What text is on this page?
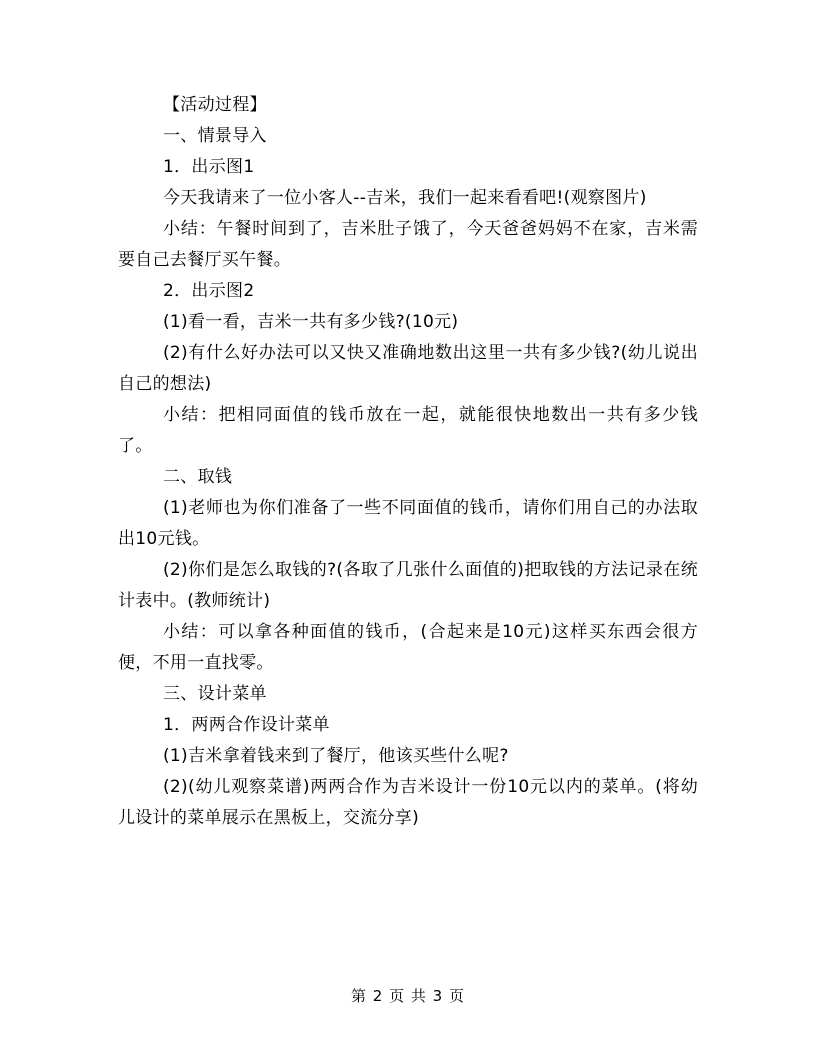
【活动过程】

一、情景导入

1．出示图1

今天我请来了一位小客人--吉米，我们一起来看看吧!(观察图片)

小结：午餐时间到了，吉米肚子饿了，今天爸爸妈妈不在家，吉米需要自己去餐厅买午餐。

2．出示图2

(1)看一看，吉米一共有多少钱?(10元)

(2)有什么好办法可以又快又准确地数出这里一共有多少钱?(幼儿说出自己的想法)

小结：把相同面值的钱币放在一起，就能很快地数出一共有多少钱了。

二、取钱

(1)老师也为你们准备了一些不同面值的钱币，请你们用自己的办法取出10元钱。

(2)你们是怎么取钱的?(各取了几张什么面值的)把取钱的方法记录在统计表中。(教师统计)

小结：可以拿各种面值的钱币，(合起来是10元)这样买东西会很方便，不用一直找零。

三、设计菜单

1．两两合作设计菜单

(1)吉米拿着钱来到了餐厅，他该买些什么呢?

(2)(幼儿观察菜谱)两两合作为吉米设计一份10元以内的菜单。(将幼儿设计的菜单展示在黑板上，交流分享)

第 2 页 共 3 页
